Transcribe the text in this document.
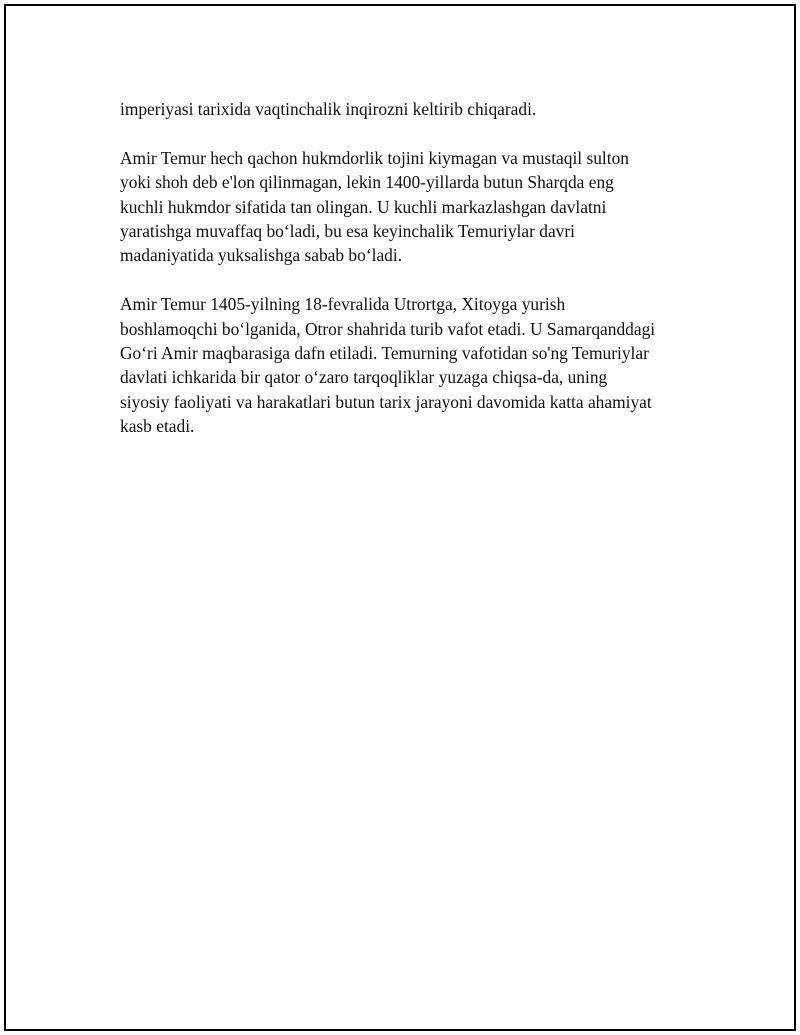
imperiyasi tarixida vaqtinchalik inqirozni keltirib chiqaradi.

Amir Temur hech qachon hukmdorlik tojini kiymagan va mustaqil sulton
yoki shoh deb e'lon qilinmagan, lekin 1400-yillarda butun Sharqda eng
kuchli hukmdor sifatida tan olingan. U kuchli markazlashgan davlatni
yaratishga muvaffaq bo‘ladi, bu esa keyinchalik Temuriylar davri
madaniyatida yuksalishga sabab bo‘ladi.

Amir Temur 1405-yilning 18-fevralida Utrortga, Xitoyga yurish
boshlamoqchi bo‘lganida, Otror shahrida turib vafot etadi. U Samarqanddagi
Go‘ri Amir maqbarasiga dafn etiladi. Temurning vafotidan so'ng Temuriylar
davlati ichkarida bir qator o‘zaro tarqoqliklar yuzaga chiqsa-da, uning
siyosiy faoliyati va harakatlari butun tarix jarayoni davomida katta ahamiyat
kasb etadi.
